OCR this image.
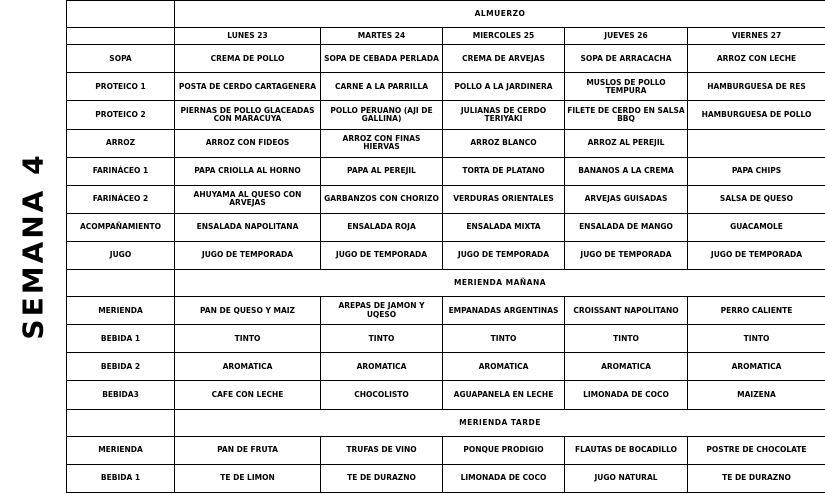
SEMANA 4
	ALMUERZO				
	LUNES 23	MARTES 24	MIERCOLES 25	JUEVES 26	VIERNES 27
SOPA	CREMA DE POLLO	SOPA DE CEBADA PERLADA	CREMA DE ARVEJAS	SOPA DE ARRACACHA	ARROZ CON LECHE
PROTEICO 1	POSTA DE CERDO CARTAGENERA	CARNE A LA PARRILLA	POLLO A LA JARDINERA	MUSLOS DE POLLO TEMPURA	HAMBURGUESA DE RES
PROTEICO 2	PIERNAS DE POLLO GLACEADAS CON MARACUYA	POLLO PERUANO (AJI DE GALLINA)	JULIANAS DE CERDO TERIYAKI	FILETE DE CERDO EN SALSA BBQ	HAMBURGUESA DE POLLO
ARROZ	ARROZ CON FIDEOS	ARROZ CON FINAS HIERVAS	ARROZ BLANCO	ARROZ AL PEREJIL	
FARINÁCEO 1	PAPA CRIOLLA AL HORNO	PAPA AL PEREJIL	TORTA DE PLATANO	BANANOS A LA CREMA	PAPA CHIPS
FARINÁCEO 2	AHUYAMA AL QUESO CON ARVEJAS	GARBANZOS CON CHORIZO	VERDURAS ORIENTALES	ARVEJAS GUISADAS	SALSA DE QUESO
ACOMPAÑAMIENTO	ENSALADA NAPOLITANA	ENSALADA ROJA	ENSALADA MIXTA	ENSALADA DE MANGO	GUACAMOLE
JUGO	JUGO DE TEMPORADA	JUGO DE TEMPORADA	JUGO DE TEMPORADA	JUGO DE TEMPORADA	JUGO DE TEMPORADA
	MERIENDA MAÑANA				
MERIENDA	PAN DE QUESO Y MAIZ	AREPAS DE JAMON Y UQESO	EMPANADAS ARGENTINAS	CROISSANT NAPOLITANO	PERRO CALIENTE
BEBIDA 1	TINTO	TINTO	TINTO	TINTO	TINTO
BEBIDA 2	AROMATICA	AROMATICA	AROMATICA	AROMATICA	AROMATICA
BEBIDA3	CAFE CON LECHE	CHOCOLISTO	AGUAPANELA EN LECHE	LIMONADA DE COCO	MAIZENA
	MERIENDA TARDE				
MERIENDA	PAN DE FRUTA	TRUFAS DE VINO	PONQUE PRODIGIO	FLAUTAS DE BOCADILLO	POSTRE DE CHOCOLATE
BEBIDA 1	TE DE LIMON	TE DE DURAZNO	LIMONADA DE COCO	JUGO NATURAL	TE DE DURAZNO
